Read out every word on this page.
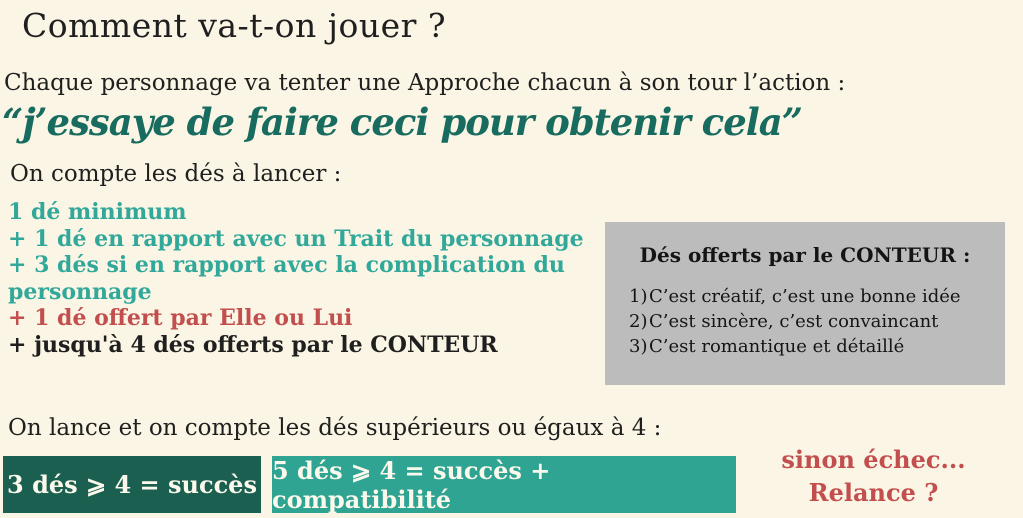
Comment va-t-on jouer ?

Chaque personnage va tenter une Approche chacun à son tour l’action :

“j’essaye de faire ceci pour obtenir cela”

On compte les dés à lancer :

1 dé minimum
+ 1 dé en rapport avec un Trait du personnage
+ 3 dés si en rapport avec la complication du personnage
+ 1 dé offert par Elle ou Lui
+ jusqu'à 4 dés offerts par le CONTEUR
Dés offerts par le CONTEUR :
1) C’est créatif, c’est une bonne idée
2) C’est sincère, c’est convaincant
3) C’est romantique et détaillé

On lance et on compte les dés supérieurs ou égaux à 4 :

3 dés ⩾ 4 = succès 5 dés ⩾ 4 = succès + compatibilité
sinon échec...
Relance ?
